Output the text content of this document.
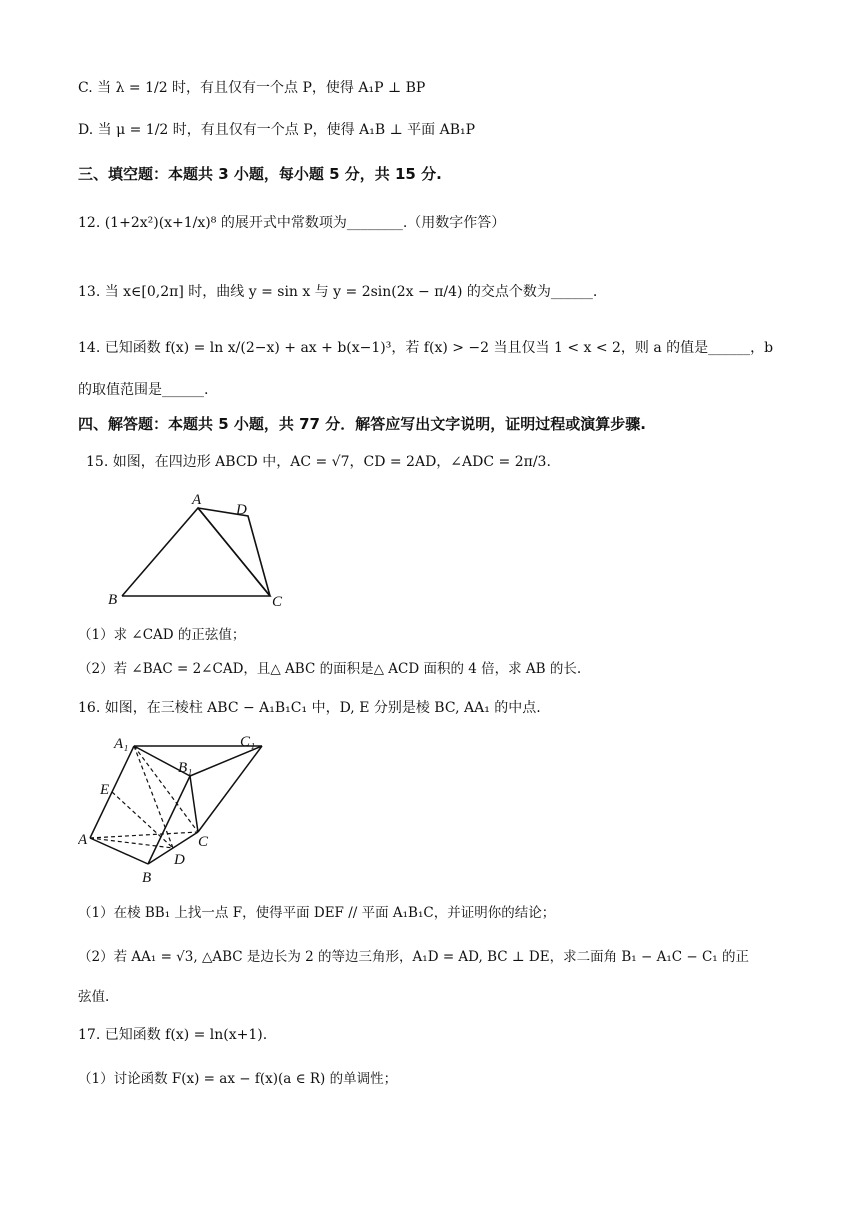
C. 当 λ = 1/2 时，有且仅有一个点 P，使得 A₁P ⊥ BP
D. 当 μ = 1/2 时，有且仅有一个点 P，使得 A₁B ⊥ 平面 AB₁P
三、填空题：本题共 3 小题，每小题 5 分，共 15 分.
12. (1+2x²)(x+1/x)⁸ 的展开式中常数项为________.（用数字作答）
13. 当 x∈[0,2π] 时，曲线 y = sin x 与 y = 2sin(2x − π/4) 的交点个数为______.
14. 已知函数 f(x) = ln x/(2−x) + ax + b(x−1)³，若 f(x) > −2 当且仅当 1 < x < 2，则 a 的值是______，b
的取值范围是______.
四、解答题：本题共 5 小题，共 77 分．解答应写出文字说明，证明过程或演算步骤.
15. 如图，在四边形 ABCD 中，AC = √7，CD = 2AD，∠ADC = 2π/3.
A
D
B	C
（1）求 ∠CAD 的正弦值；
（2）若 ∠BAC = 2∠CAD，且△ ABC 的面积是△ ACD 面积的 4 倍，求 AB 的长.
16. 如图，在三棱柱 ABC − A₁B₁C₁ 中，D, E 分别是棱 BC, AA₁ 的中点.
A₁	C₁
B₁
E
A	C
D
B
（1）在棱 BB₁ 上找一点 F，使得平面 DEF // 平面 A₁B₁C，并证明你的结论；
（2）若 AA₁ = √3, △ABC 是边长为 2 的等边三角形，A₁D = AD, BC ⊥ DE，求二面角 B₁ − A₁C − C₁ 的正
弦值.
17. 已知函数 f(x) = ln(x+1).
（1）讨论函数 F(x) = ax − f(x)(a ∈ R) 的单调性；
